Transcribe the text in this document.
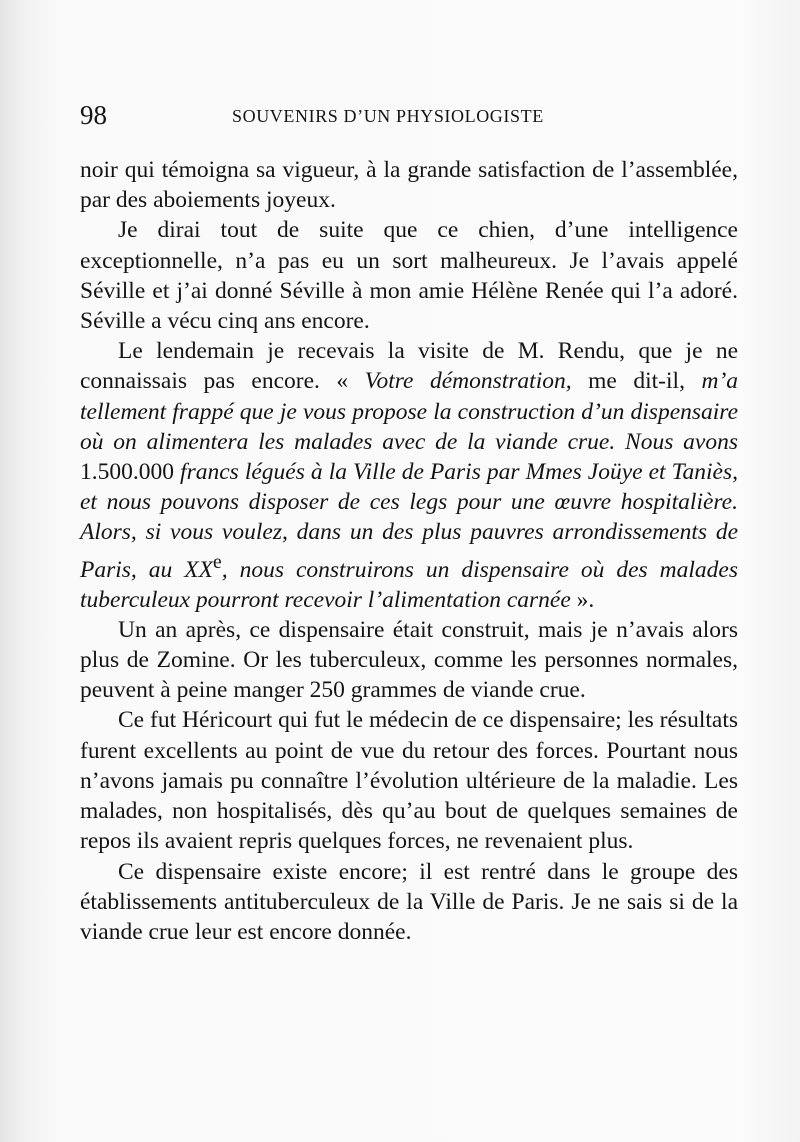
98	SOUVENIRS D’UN PHYSIOLOGISTE

noir qui témoigna sa vigueur, à la grande satisfaction de l’assemblée, par des aboiements joyeux.

Je dirai tout de suite que ce chien, d’une intelligence exceptionnelle, n’a pas eu un sort malheureux. Je l’avais appelé Séville et j’ai donné Séville à mon amie Hélène Renée qui l’a adoré. Séville a vécu cinq ans encore.

Le lendemain je recevais la visite de M. Rendu, que je ne connaissais pas encore. « Votre démonstration, me dit-il, m’a tellement frappé que je vous propose la construction d’un dispensaire où on alimentera les malades avec de la viande crue. Nous avons 1.500.000 francs légués à la Ville de Paris par Mmes Joüye et Taniès, et nous pouvons disposer de ces legs pour une œuvre hospitalière. Alors, si vous voulez, dans un des plus pauvres arrondissements de Paris, au XXe, nous construirons un dispensaire où des malades tuberculeux pourront recevoir l’alimentation carnée ».

Un an après, ce dispensaire était construit, mais je n’avais alors plus de Zomine. Or les tuberculeux, comme les personnes normales, peuvent à peine manger 250 grammes de viande crue.

Ce fut Héricourt qui fut le médecin de ce dispensaire; les résultats furent excellents au point de vue du retour des forces. Pourtant nous n’avons jamais pu connaître l’évolution ultérieure de la maladie. Les malades, non hospitalisés, dès qu’au bout de quelques semaines de repos ils avaient repris quelques forces, ne revenaient plus.

Ce dispensaire existe encore; il est rentré dans le groupe des établissements antituberculeux de la Ville de Paris. Je ne sais si de la viande crue leur est encore donnée.
